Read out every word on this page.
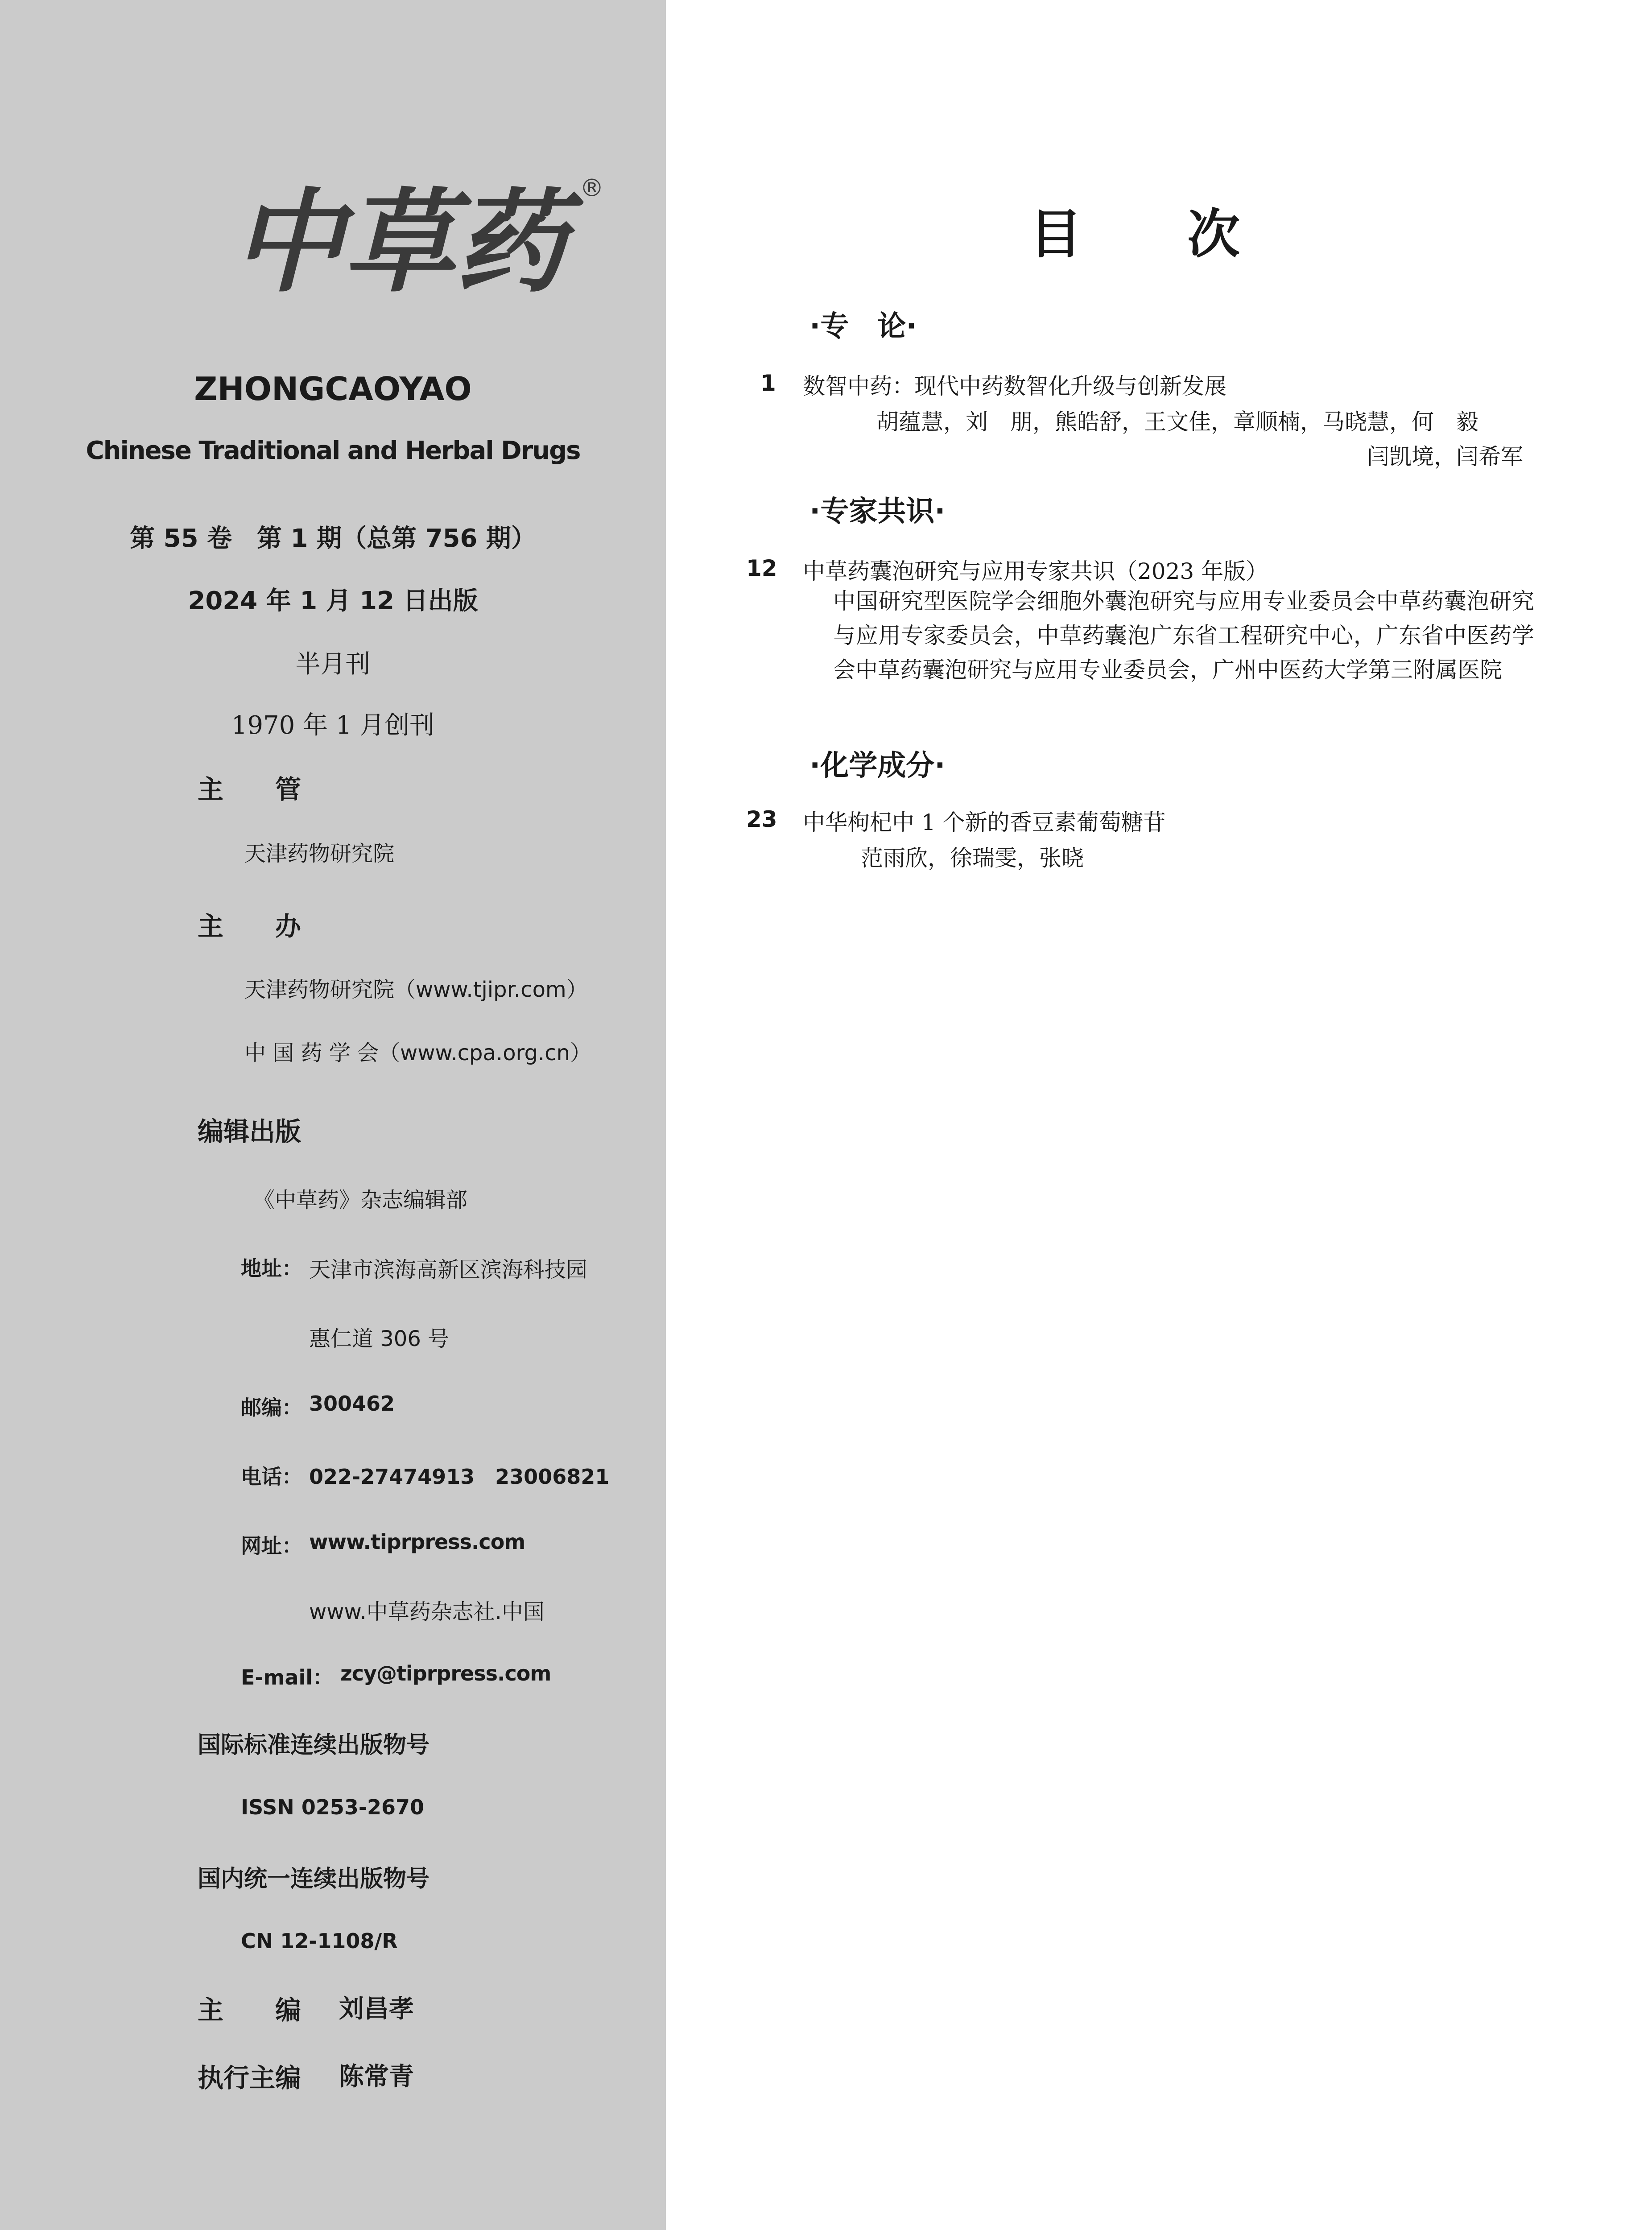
中草药 ®
ZHONGCAOYAO
Chinese Traditional and Herbal Drugs
第 55 卷　第 1 期（总第 756 期）
2024 年 1 月 12 日出版
半月刊
1970 年 1 月创刊
主　　管
天津药物研究院
主　　办
天津药物研究院（www.tjipr.com）
中 国 药 学 会（www.cpa.org.cn）
编辑出版
《中草药》杂志编辑部
地址： 天津市滨海高新区滨海科技园
惠仁道 306 号
邮编： 300462
电话： 022-27474913　23006821
网址： www.tiprpress.com
www.中草药杂志社.中国
E-mail： zcy@tiprpress.com
国际标准连续出版物号
ISSN 0253-2670
国内统一连续出版物号
CN 12-1108/R
主　　编 刘昌孝
执行主编 陈常青
目　　次
·专　论·
1 数智中药：现代中药数智化升级与创新发展
胡蕴慧，刘　朋，熊皓舒，王文佳，章顺楠，马晓慧，何　毅
闫凯境，闫希军
·专家共识·
12 中草药囊泡研究与应用专家共识（2023 年版）
中国研究型医院学会细胞外囊泡研究与应用专业委员会中草药囊泡研究与应用专家委员会，中草药囊泡广东省工程研究中心，广东省中医药学会中草药囊泡研究与应用专业委员会，广州中医药大学第三附属医院
·化学成分·
23 中华枸杞中 1 个新的香豆素葡萄糖苷
范雨欣，徐瑞雯，张晓
